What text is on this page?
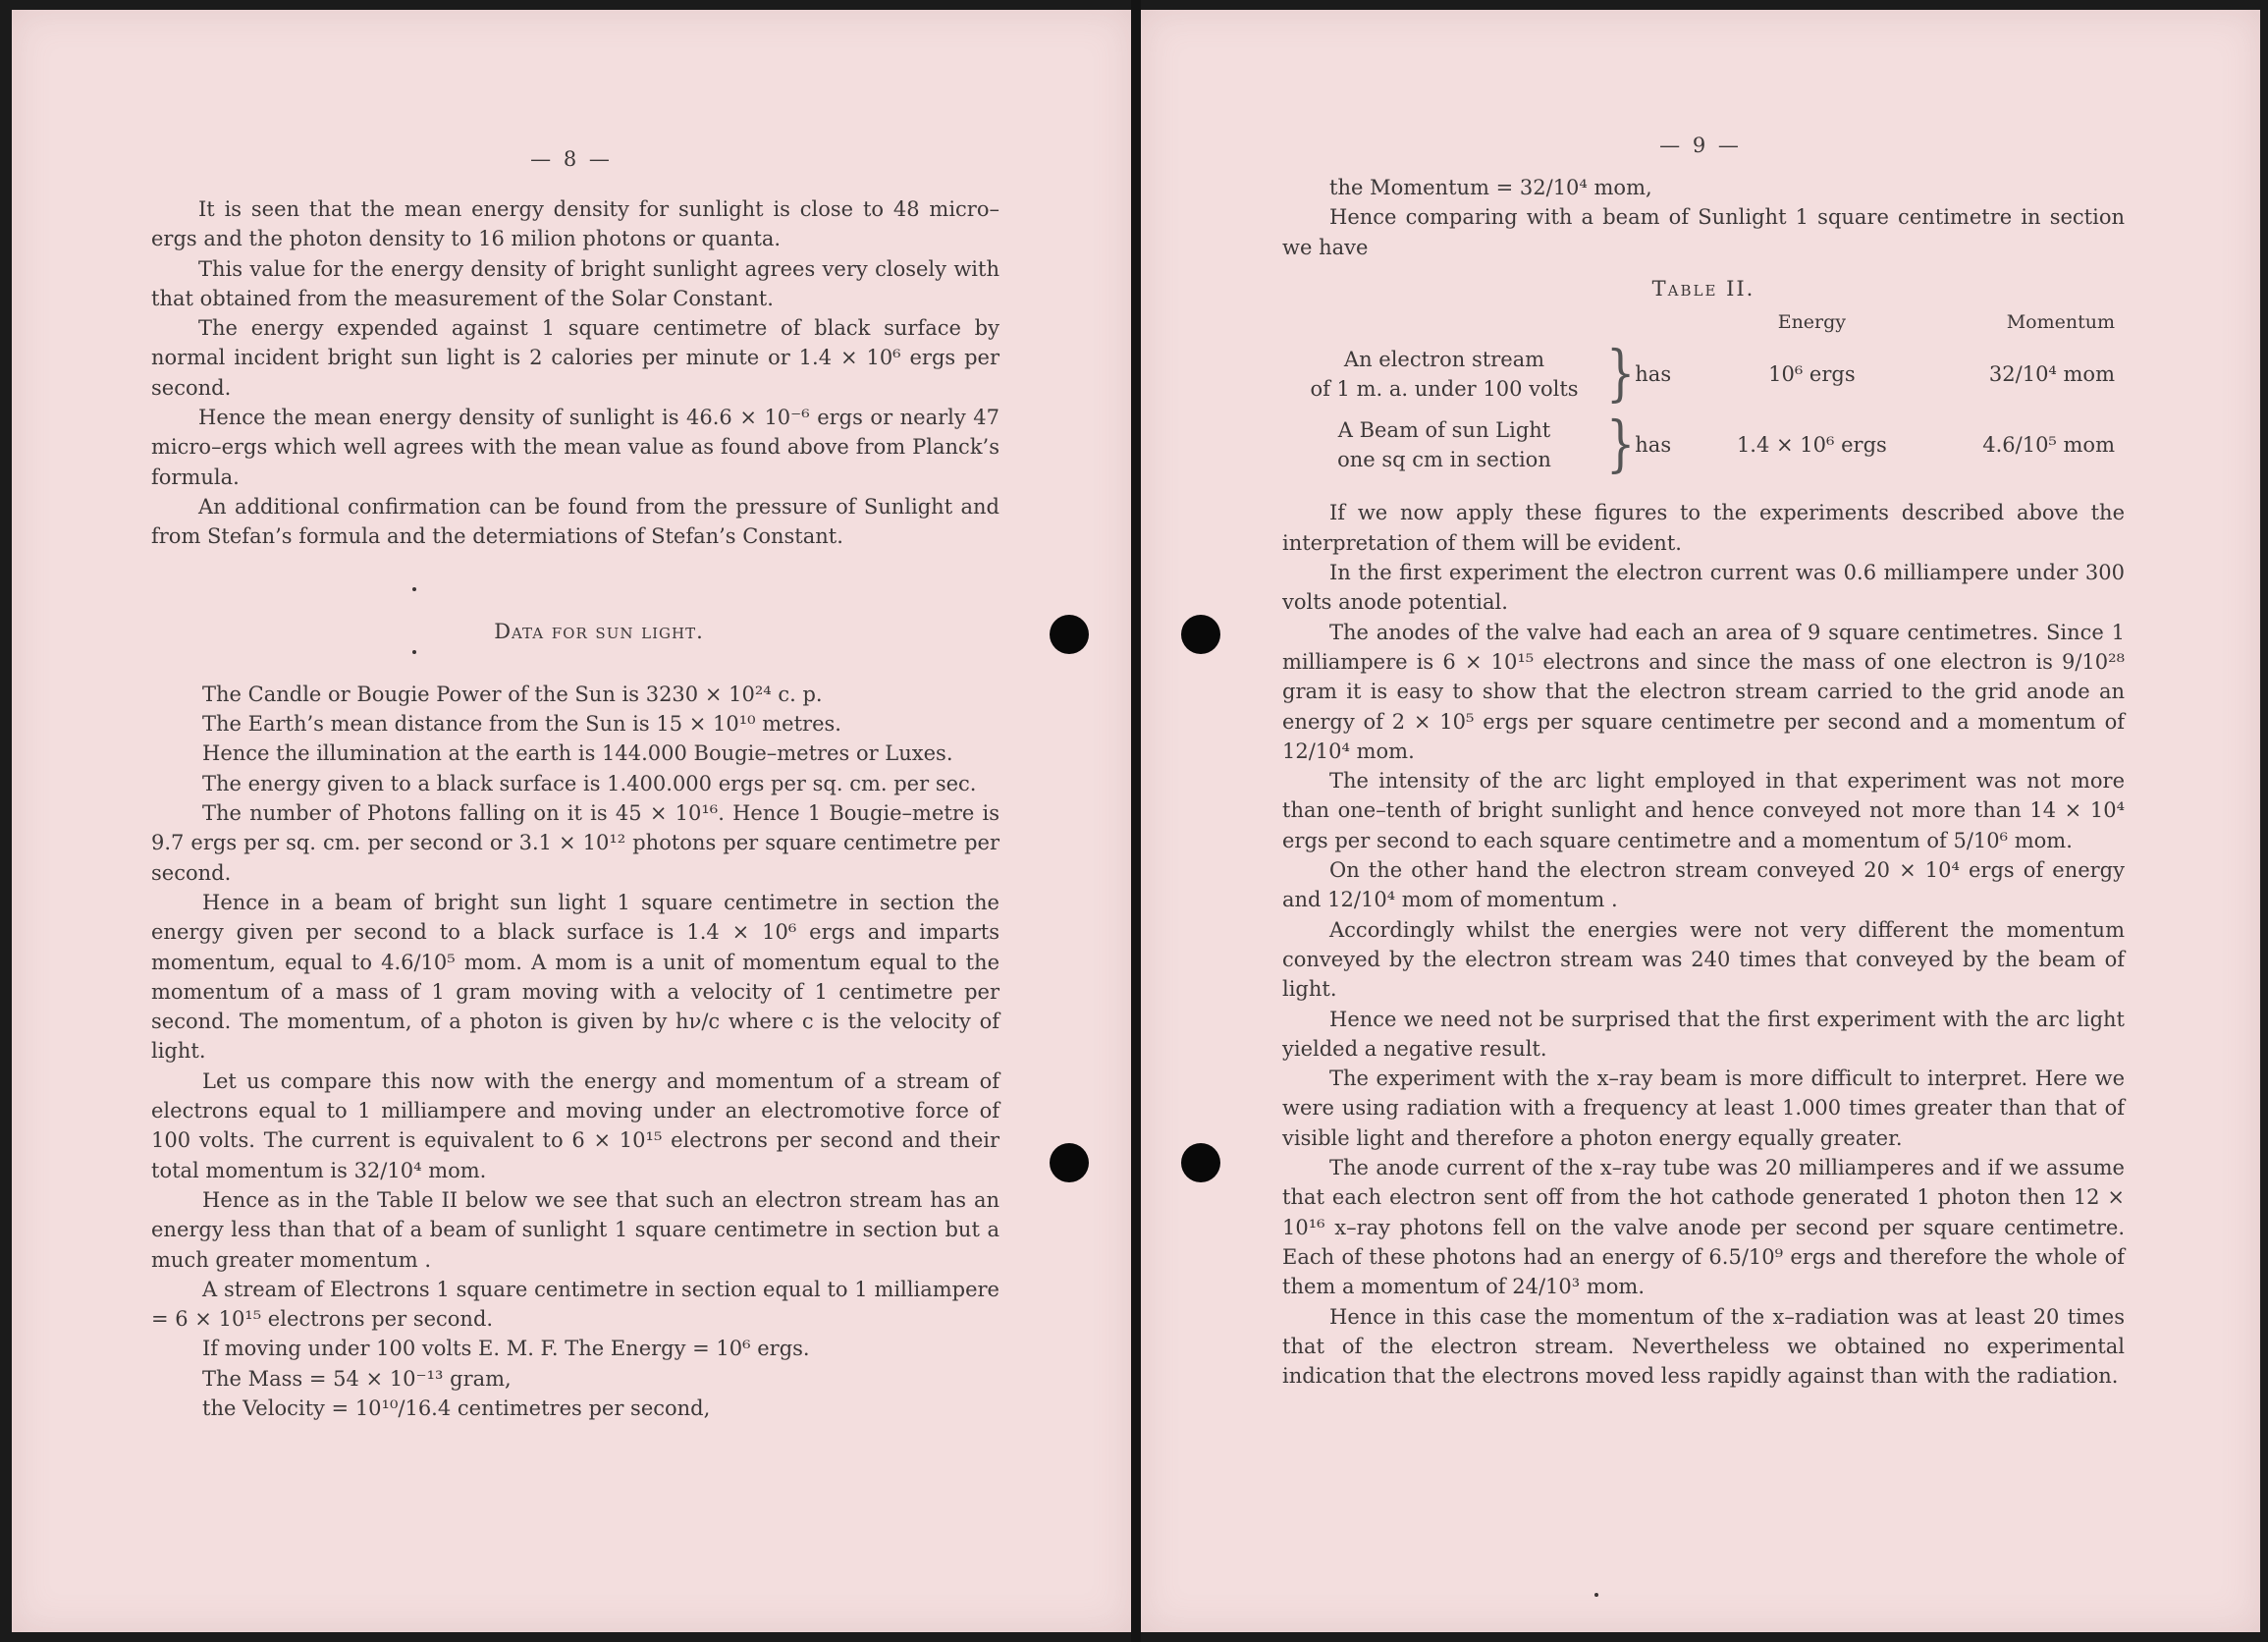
— 8 —

It is seen that the mean energy density for sunlight is close to 48 micro–ergs and the photon density to 16 milion photons or quanta.

This value for the energy density of bright sunlight agrees very closely with that obtained from the measurement of the Solar Constant.

The energy expended against 1 square centimetre of black surface by normal incident bright sun light is 2 calories per minute or 1.4 × 10⁶ ergs per second.

Hence the mean energy density of sunlight is 46.6 × 10⁻⁶ ergs or nearly 47 micro–ergs which well agrees with the mean value as found above from Planck’s formula.

An additional confirmation can be found from the pressure of Sunlight and from Stefan’s formula and the determiations of Stefan’s Constant.

Data for sun light.

The Candle or Bougie Power of the Sun is 3230 × 10²⁴ c. p.

The Earth’s mean distance from the Sun is 15 × 10¹⁰ metres.

Hence the illumination at the earth is 144.000 Bougie–metres or Luxes.

The energy given to a black surface is 1.400.000 ergs per sq. cm. per sec.

The number of Photons falling on it is 45 × 10¹⁶. Hence 1 Bougie–metre is 9.7 ergs per sq. cm. per second or 3.1 × 10¹² photons per square centimetre per second.

Hence in a beam of bright sun light 1 square centimetre in section the energy given per second to a black surface is 1.4 × 10⁶ ergs and imparts momentum, equal to 4.6/10⁵ mom. A mom is a unit of momentum equal to the momentum of a mass of 1 gram moving with a velocity of 1 centimetre per second. The momentum, of a photon is given by hν/c where c is the velocity of light.

Let us compare this now with the energy and momentum of a stream of electrons equal to 1 milliampere and moving under an electromotive force of 100 volts. The current is equivalent to 6 × 10¹⁵ electrons per second and their total momentum is 32/10⁴ mom.

Hence as in the Table II below we see that such an electron stream has an energy less than that of a beam of sunlight 1 square centimetre in section but a much greater momentum .

A stream of Electrons 1 square centimetre in section equal to 1 milliampere = 6 × 10¹⁵ electrons per second.

If moving under 100 volts E. M. F. The Energy = 10⁶ ergs.

The Mass = 54 × 10⁻¹³ gram,

the Velocity = 10¹⁰/16.4 centimetres per second,

— 9 —

the Momentum = 32/10⁴ mom,

Hence comparing with a beam of Sunlight 1 square centimetre in section we have

Table II.
			Energy	Momentum

An electron stream
of 1 m. a. under 100 volts	}	has	10⁶ ergs	32/10⁴ mom

A Beam of sun Light
one sq cm in section	}	has	1.4 × 10⁶ ergs	4.6/10⁵ mom

If we now apply these figures to the experiments described above the interpretation of them will be evident.

In the first experiment the electron current was 0.6 milliampere under 300 volts anode potential.

The anodes of the valve had each an area of 9 square centimetres. Since 1 milliampere is 6 × 10¹⁵ electrons and since the mass of one electron is 9/10²⁸ gram it is easy to show that the electron stream carried to the grid anode an energy of 2 × 10⁵ ergs per square centimetre per second and a momentum of 12/10⁴ mom.

The intensity of the arc light employed in that experiment was not more than one–tenth of bright sunlight and hence conveyed not more than 14 × 10⁴ ergs per second to each square centimetre and a momentum of 5/10⁶ mom.

On the other hand the electron stream conveyed 20 × 10⁴ ergs of energy and 12/10⁴ mom of momentum .

Accordingly whilst the energies were not very different the momentum conveyed by the electron stream was 240 times that conveyed by the beam of light.

Hence we need not be surprised that the first experiment with the arc light yielded a negative result.

The experiment with the x–ray beam is more difficult to interpret. Here we were using radiation with a frequency at least 1.000 times greater than that of visible light and therefore a photon energy equally greater.

The anode current of the x–ray tube was 20 milliamperes and if we assume that each electron sent off from the hot cathode generated 1 photon then 12 × 10¹⁶ x–ray photons fell on the valve anode per second per square centimetre. Each of these photons had an energy of 6.5/10⁹ ergs and therefore the whole of them a momentum of 24/10³ mom.

Hence in this case the momentum of the x–radiation was at least 20 times that of the electron stream. Nevertheless we obtained no experimental indication that the electrons moved less rapidly against than with the radiation.
